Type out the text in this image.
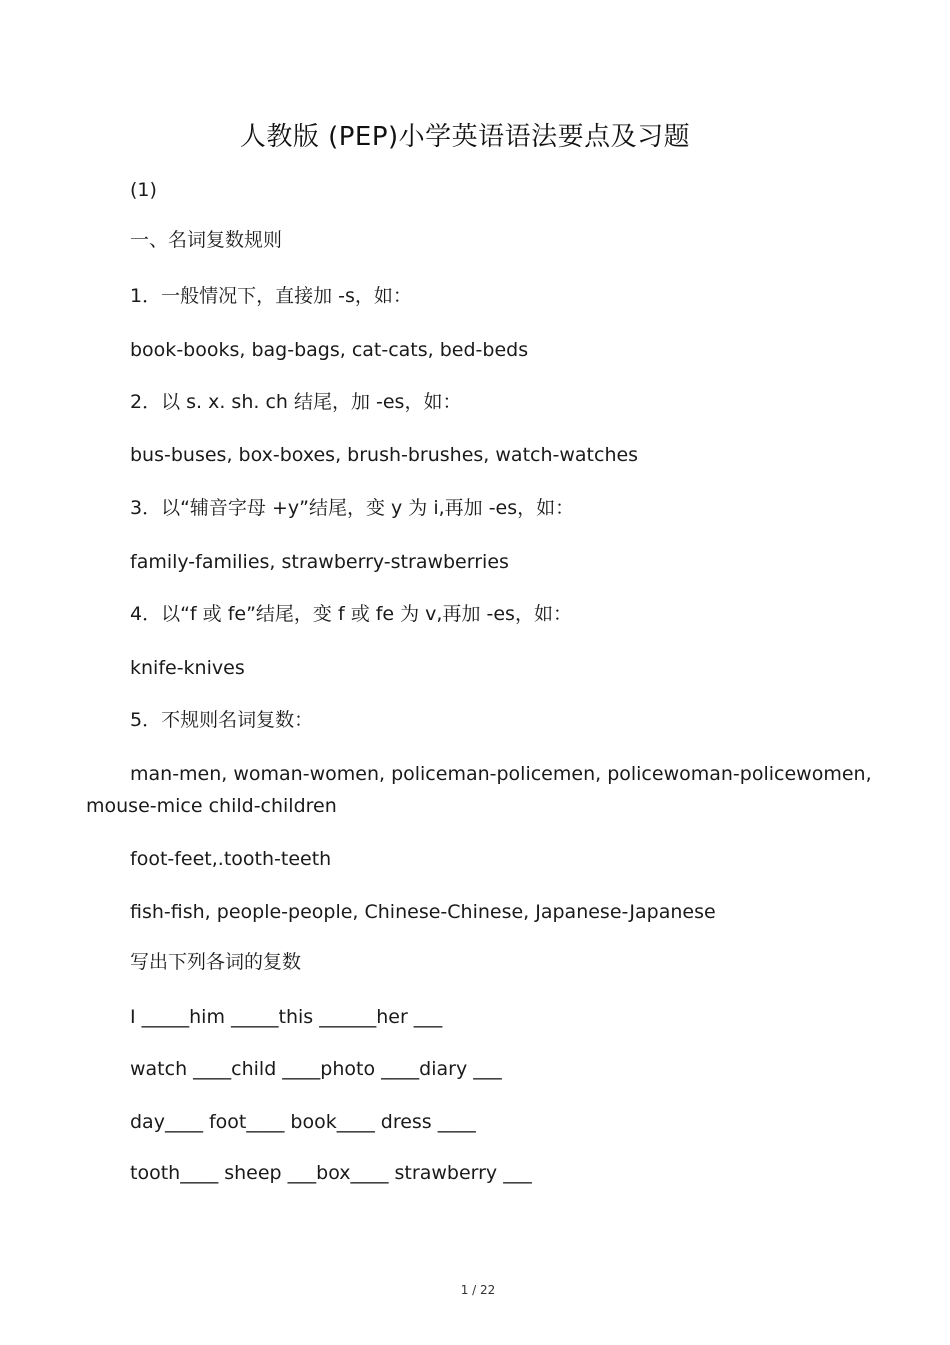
人教版 (PEP)小学英语语法要点及习题
(1)
一、名词复数规则
1．一般情况下，直接加 -s，如：
book-books, bag-bags, cat-cats, bed-beds
2．以 s. x. sh. ch 结尾，加 -es，如：
bus-buses, box-boxes, brush-brushes, watch-watches
3．以“辅音字母 +y”结尾，变 y 为 i,再加 -es，如：
family-families, strawberry-strawberries
4．以“f 或 fe”结尾，变 f 或 fe 为 v,再加 -es，如：
knife-knives
5．不规则名词复数：
man-men, woman-women, policeman-policemen, policewoman-policewomen,
mouse-mice child-children
foot-feet,.tooth-teeth
fish-fish, people-people, Chinese-Chinese, Japanese-Japanese
写出下列各词的复数
I _____him _____this ______her ___
watch ____child ____photo ____diary ___
day____ foot____ book____ dress ____
tooth____ sheep ___box____ strawberry ___
1 / 22
